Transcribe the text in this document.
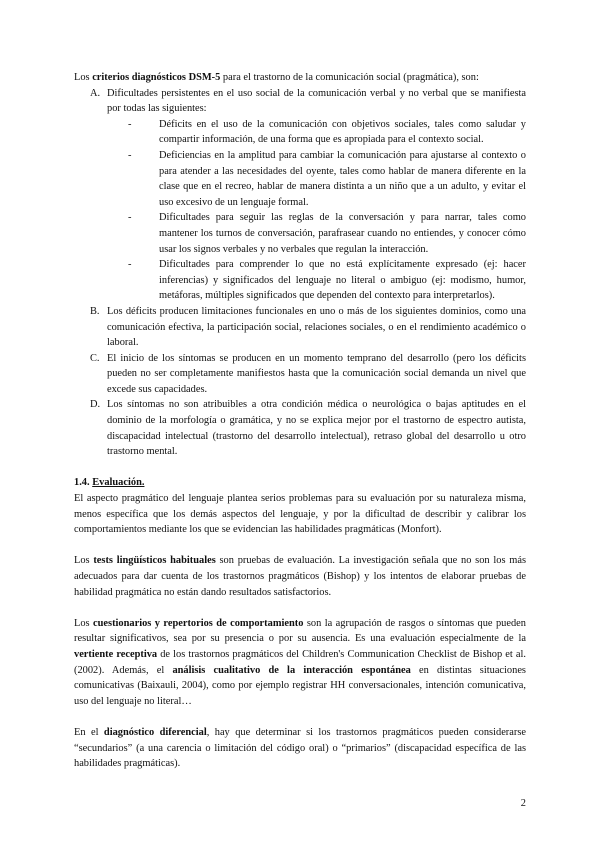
Los criterios diagnósticos DSM-5 para el trastorno de la comunicación social (pragmática), son:

A. Dificultades persistentes en el uso social de la comunicación verbal y no verbal que se manifiesta por todas las siguientes:
-	Déficits en el uso de la comunicación con objetivos sociales, tales como saludar y compartir información, de una forma que es apropiada para el contexto social.
-	Deficiencias en la amplitud para cambiar la comunicación para ajustarse al contexto o para atender a las necesidades del oyente, tales como hablar de manera diferente en la clase que en el recreo, hablar de manera distinta a un niño que a un adulto, y evitar el uso excesivo de un lenguaje formal.
-	Dificultades para seguir las reglas de la conversación y para narrar, tales como mantener los turnos de conversación, parafrasear cuando no entiendes, y conocer cómo usar los signos verbales y no verbales que regulan la interacción.
-	Dificultades para comprender lo que no está explícitamente expresado (ej: hacer inferencias) y significados del lenguaje no literal o ambiguo (ej: modismo, humor, metáforas, múltiples significados que dependen del contexto para interpretarlos).
B. Los déficits producen limitaciones funcionales en uno o más de los siguientes dominios, como una comunicación efectiva, la participación social, relaciones sociales, o en el rendimiento académico o laboral.
C. El inicio de los síntomas se producen en un momento temprano del desarrollo (pero los déficits pueden no ser completamente manifiestos hasta que la comunicación social demanda un nivel que excede sus capacidades.
D. Los síntomas no son atribuibles a otra condición médica o neurológica o bajas aptitudes en el dominio de la morfología o gramática, y no se explica mejor por el trastorno de espectro autista, discapacidad intelectual (trastorno del desarrollo intelectual), retraso global del desarrollo u otro trastorno mental.

1.4. Evaluación.

El aspecto pragmático del lenguaje plantea serios problemas para su evaluación por su naturaleza misma, menos específica que los demás aspectos del lenguaje, y por la dificultad de describir y calibrar los comportamientos mediante los que se evidencian las habilidades pragmáticas (Monfort).

Los tests lingüísticos habituales son pruebas de evaluación. La investigación señala que no son los más adecuados para dar cuenta de los trastornos pragmáticos (Bishop) y los intentos de elaborar pruebas de habilidad pragmática no están dando resultados satisfactorios.

Los cuestionarios y repertorios de comportamiento son la agrupación de rasgos o síntomas que pueden resultar significativos, sea por su presencia o por su ausencia. Es una evaluación especialmente de la vertiente receptiva de los trastornos pragmáticos del Children's Communication Checklist de Bishop et al. (2002). Además, el análisis cualitativo de la interacción espontánea en distintas situaciones comunicativas (Baixauli, 2004), como por ejemplo registrar HH conversacionales, intención comunicativa, uso del lenguaje no literal…

En el diagnóstico diferencial, hay que determinar si los trastornos pragmáticos pueden considerarse “secundarios” (a una carencia o limitación del código oral) o “primarios” (discapacidad específica de las habilidades pragmáticas).

2
